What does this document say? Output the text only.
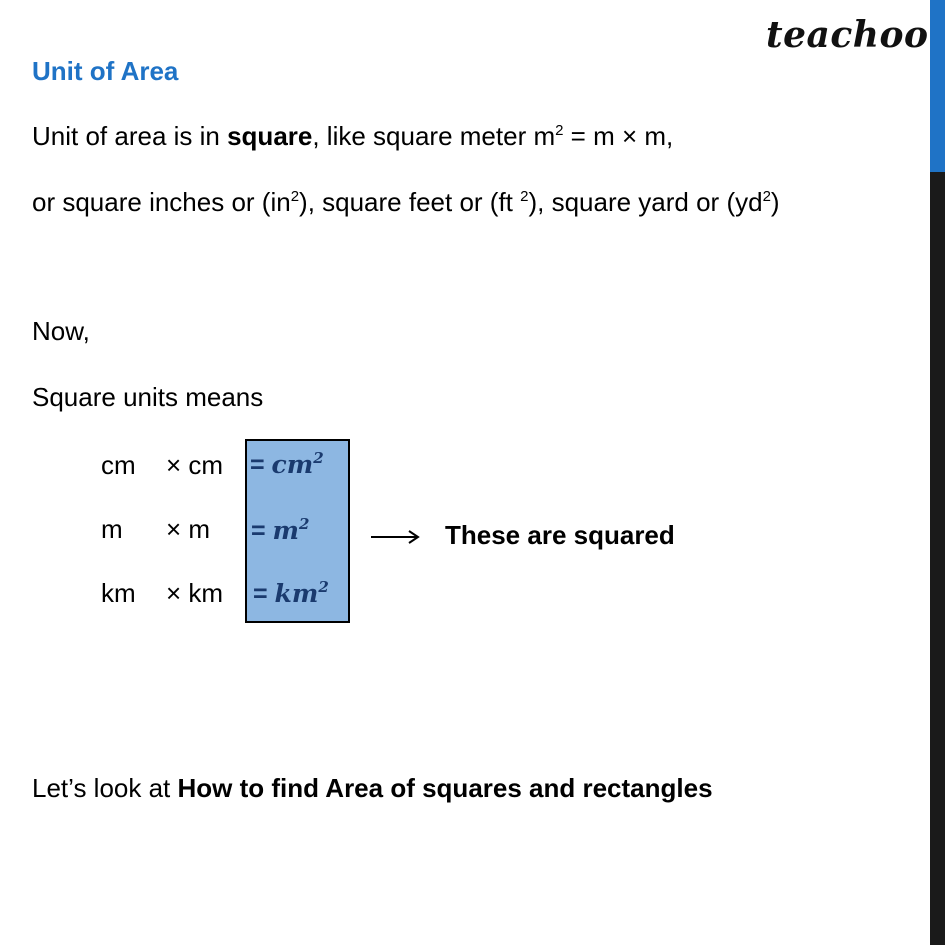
teachoo
Unit of Area
Unit of area is in square, like square meter $m^2 = m \times m$,
or square inches or $(in^2)$, square feet or (ft $^2$), square yard or $(yd^2)$
Now,
Square units means
cm × cm
m × m
km × km
= $cm^2$
= $m^2$
= $km^2$
These are squared
Let’s look at How to find Area of squares and rectangles
